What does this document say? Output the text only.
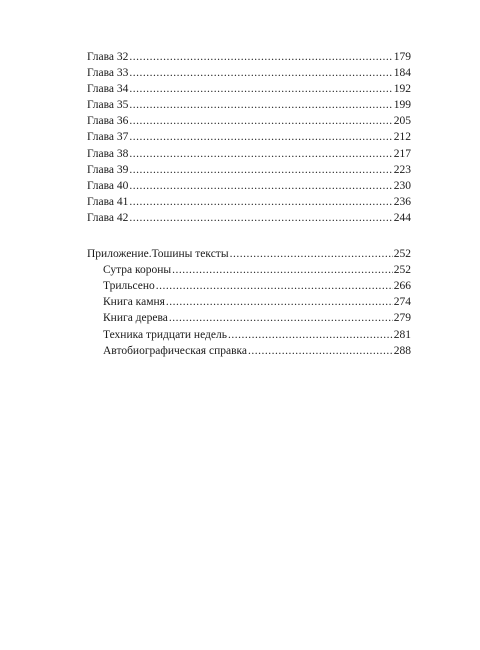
Глава 32 .....	179
Глава 33 .....	184
Глава 34 .....	192
Глава 35 .....	199
Глава 36 .....	205
Глава 37 .....	212
Глава 38 .....	217
Глава 39 .....	223
Глава 40 .....	230
Глава 41 .....	236
Глава 42 .....	244
Приложение.Тошины тексты .....	252
Сутра короны .....	252
Трильсено .....	266
Книга камня .....	274
Книга дерева .....	279
Техника тридцати недель .....	281
Автобиографическая справка .....	288
